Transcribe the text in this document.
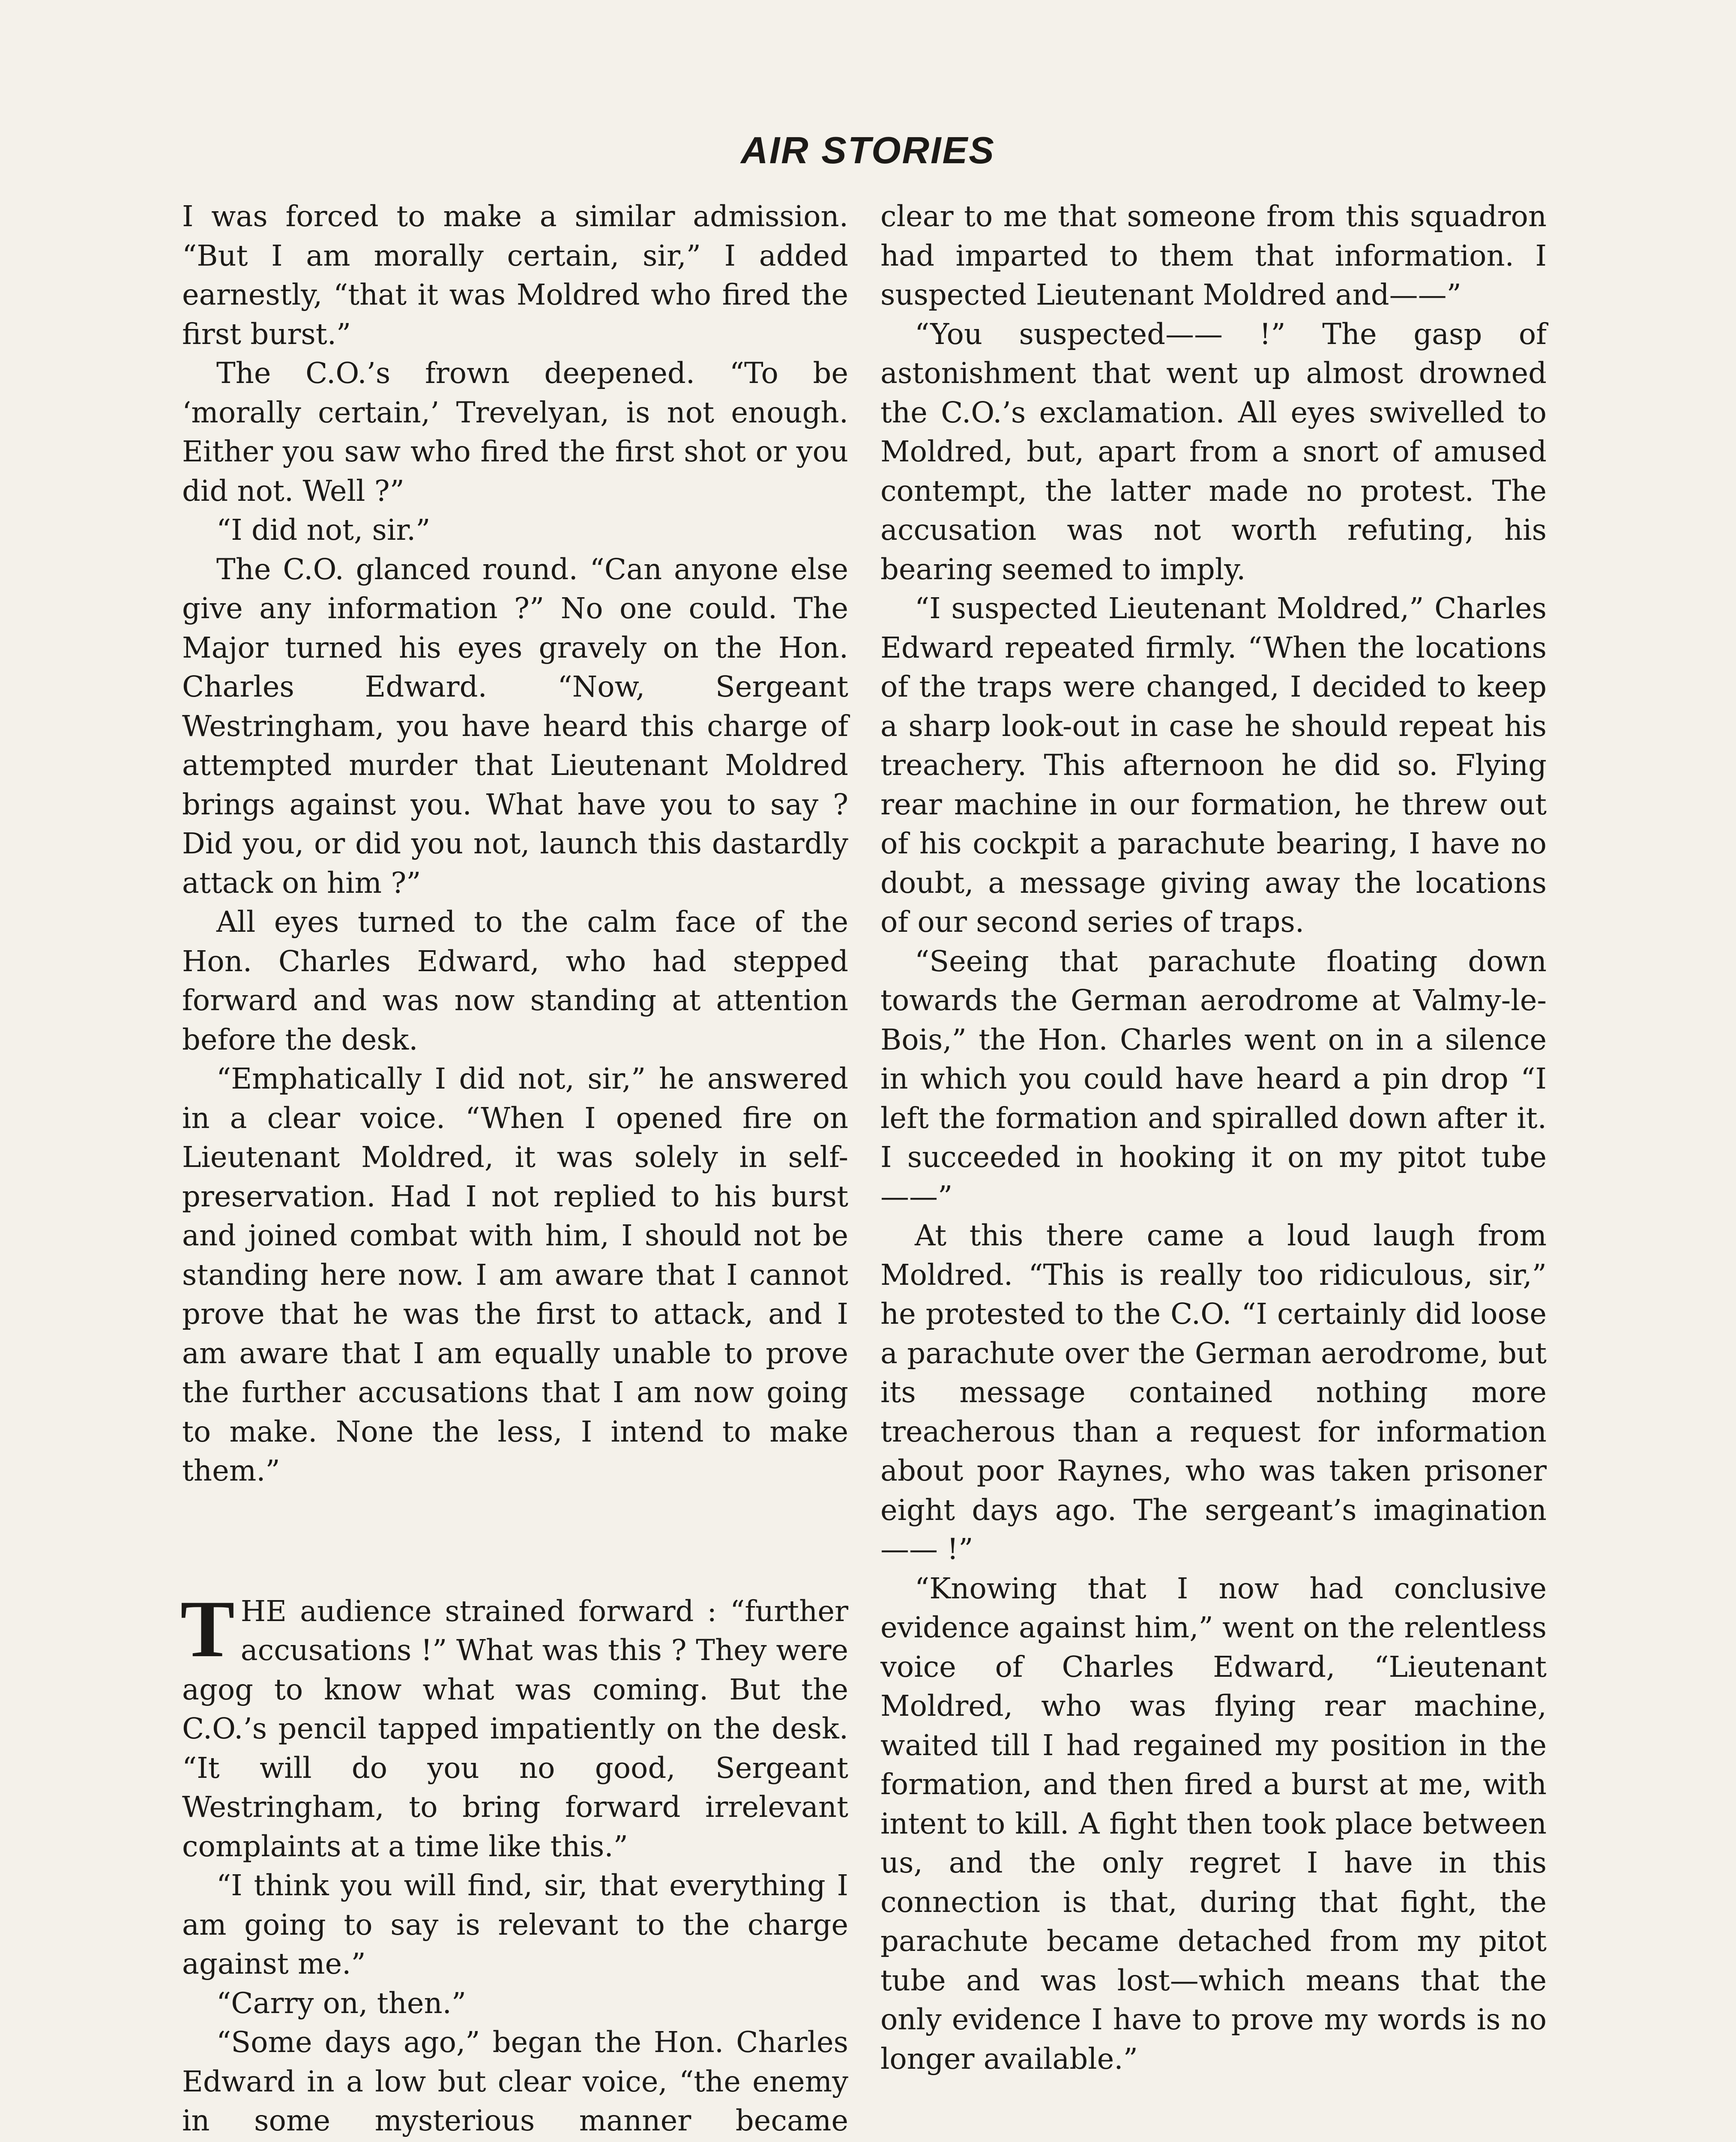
AIR STORIES

I was forced to make a similar admission. “But I am morally certain, sir,” I added earnestly, “that it was Moldred who fired the first burst.”

The C.O.’s frown deepened. “To be ‘morally certain,’ Trevelyan, is not enough. Either you saw who fired the first shot or you did not. Well ?”

“I did not, sir.”

The C.O. glanced round. “Can anyone else give any information ?” No one could. The Major turned his eyes gravely on the Hon. Charles Edward. “Now, Sergeant Westringham, you have heard this charge of attempted murder that Lieutenant Moldred brings against you. What have you to say ? Did you, or did you not, launch this dastardly attack on him ?”

All eyes turned to the calm face of the Hon. Charles Edward, who had stepped forward and was now standing at attention before the desk.

“Emphatically I did not, sir,” he answered in a clear voice. “When I opened fire on Lieutenant Moldred, it was solely in self-preservation. Had I not replied to his burst and joined combat with him, I should not be standing here now. I am aware that I cannot prove that he was the first to attack, and I am aware that I am equally unable to prove the further accusations that I am now going to make. None the less, I intend to make them.”

THE audience strained forward : “further accusations !” What was this ? They were agog to know what was coming. But the C.O.’s pencil tapped impatiently on the desk. “It will do you no good, Sergeant Westringham, to bring forward irrelevant complaints at a time like this.”

“I think you will find, sir, that everything I am going to say is relevant to the charge against me.”

“Carry on, then.”

“Some days ago,” began the Hon. Charles Edward in a low but clear voice, “the enemy in some mysterious manner became

clear to me that someone from this squadron had imparted to them that information. I suspected Lieutenant Moldred and——”

“You suspected—— !” The gasp of astonishment that went up almost drowned the C.O.’s exclamation. All eyes swivelled to Moldred, but, apart from a snort of amused contempt, the latter made no protest. The accusation was not worth refuting, his bearing seemed to imply.

“I suspected Lieutenant Moldred,” Charles Edward repeated firmly. “When the locations of the traps were changed, I decided to keep a sharp look-out in case he should repeat his treachery. This afternoon he did so. Flying rear machine in our formation, he threw out of his cockpit a parachute bearing, I have no doubt, a message giving away the locations of our second series of traps.

“Seeing that parachute floating down towards the German aerodrome at Valmy-le-Bois,” the Hon. Charles went on in a silence in which you could have heard a pin drop “I left the formation and spiralled down after it. I succeeded in hooking it on my pitot tube——”

At this there came a loud laugh from Moldred. “This is really too ridiculous, sir,” he protested to the C.O. “I certainly did loose a parachute over the German aerodrome, but its message contained nothing more treacherous than a request for information about poor Raynes, who was taken prisoner eight days ago. The sergeant’s imagination—— !”

“Knowing that I now had conclusive evidence against him,” went on the relentless voice of Charles Edward, “Lieutenant Moldred, who was flying rear machine, waited till I had regained my position in the formation, and then fired a burst at me, with intent to kill. A fight then took place between us, and the only regret I have in this connection is that, during that fight, the parachute became detached from my pitot tube and was lost—which means that the only evidence I have to prove my words is no longer available.”
